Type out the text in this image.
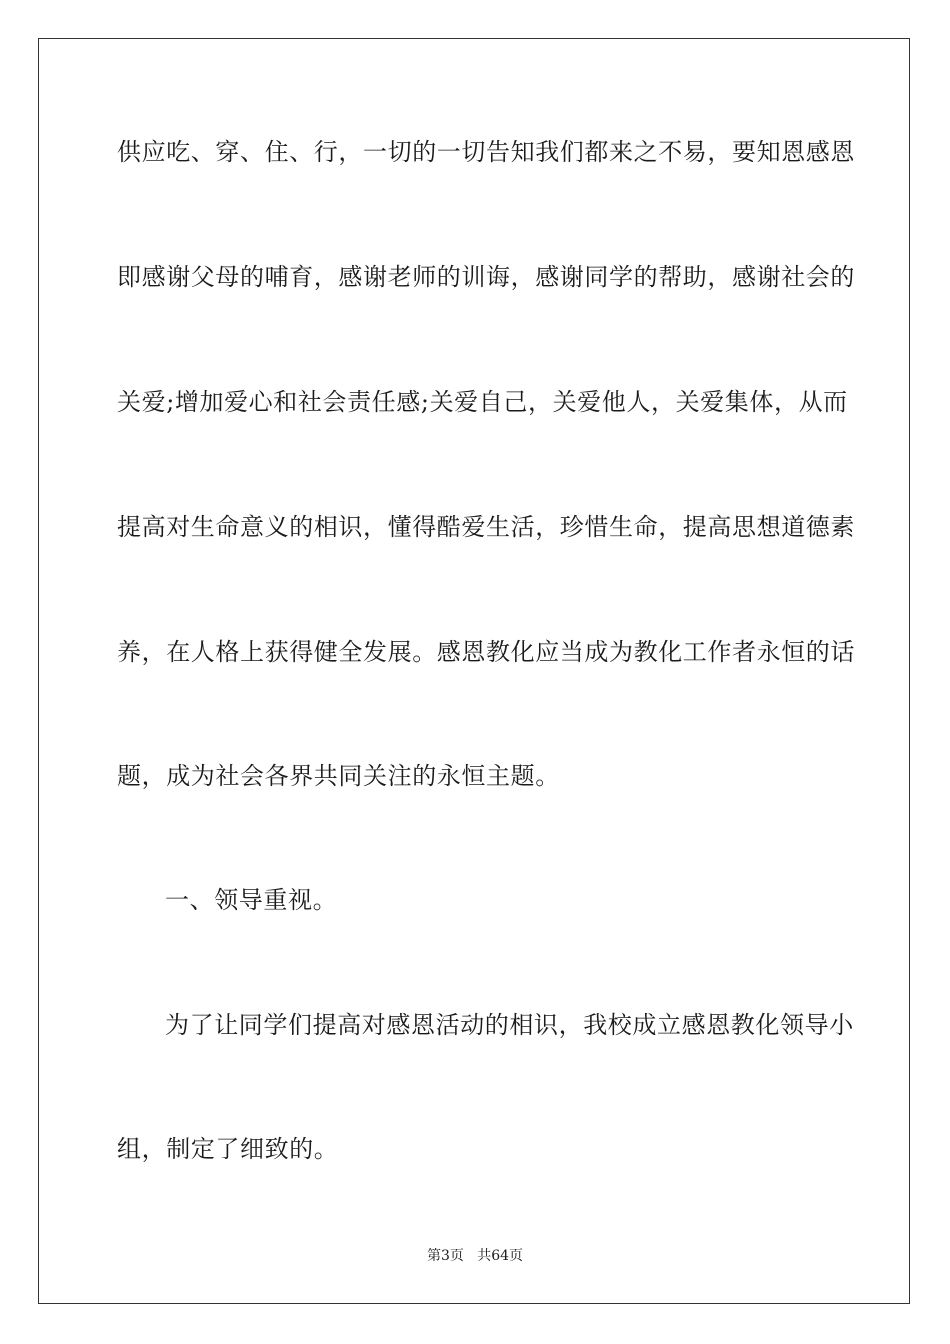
供应吃、穿、住、行，一切的一切告知我们都来之不易，要知恩感恩
即感谢父母的哺育，感谢老师的训诲，感谢同学的帮助，感谢社会的
关爱;增加爱心和社会责任感;关爱自己，关爱他人，关爱集体，从而
提高对生命意义的相识，懂得酷爱生活，珍惜生命，提高思想道德素
养，在人格上获得健全发展。感恩教化应当成为教化工作者永恒的话
题，成为社会各界共同关注的永恒主题。
一、领导重视。
为了让同学们提高对感恩活动的相识，我校成立感恩教化领导小
组，制定了细致的。
第3页   共64页
